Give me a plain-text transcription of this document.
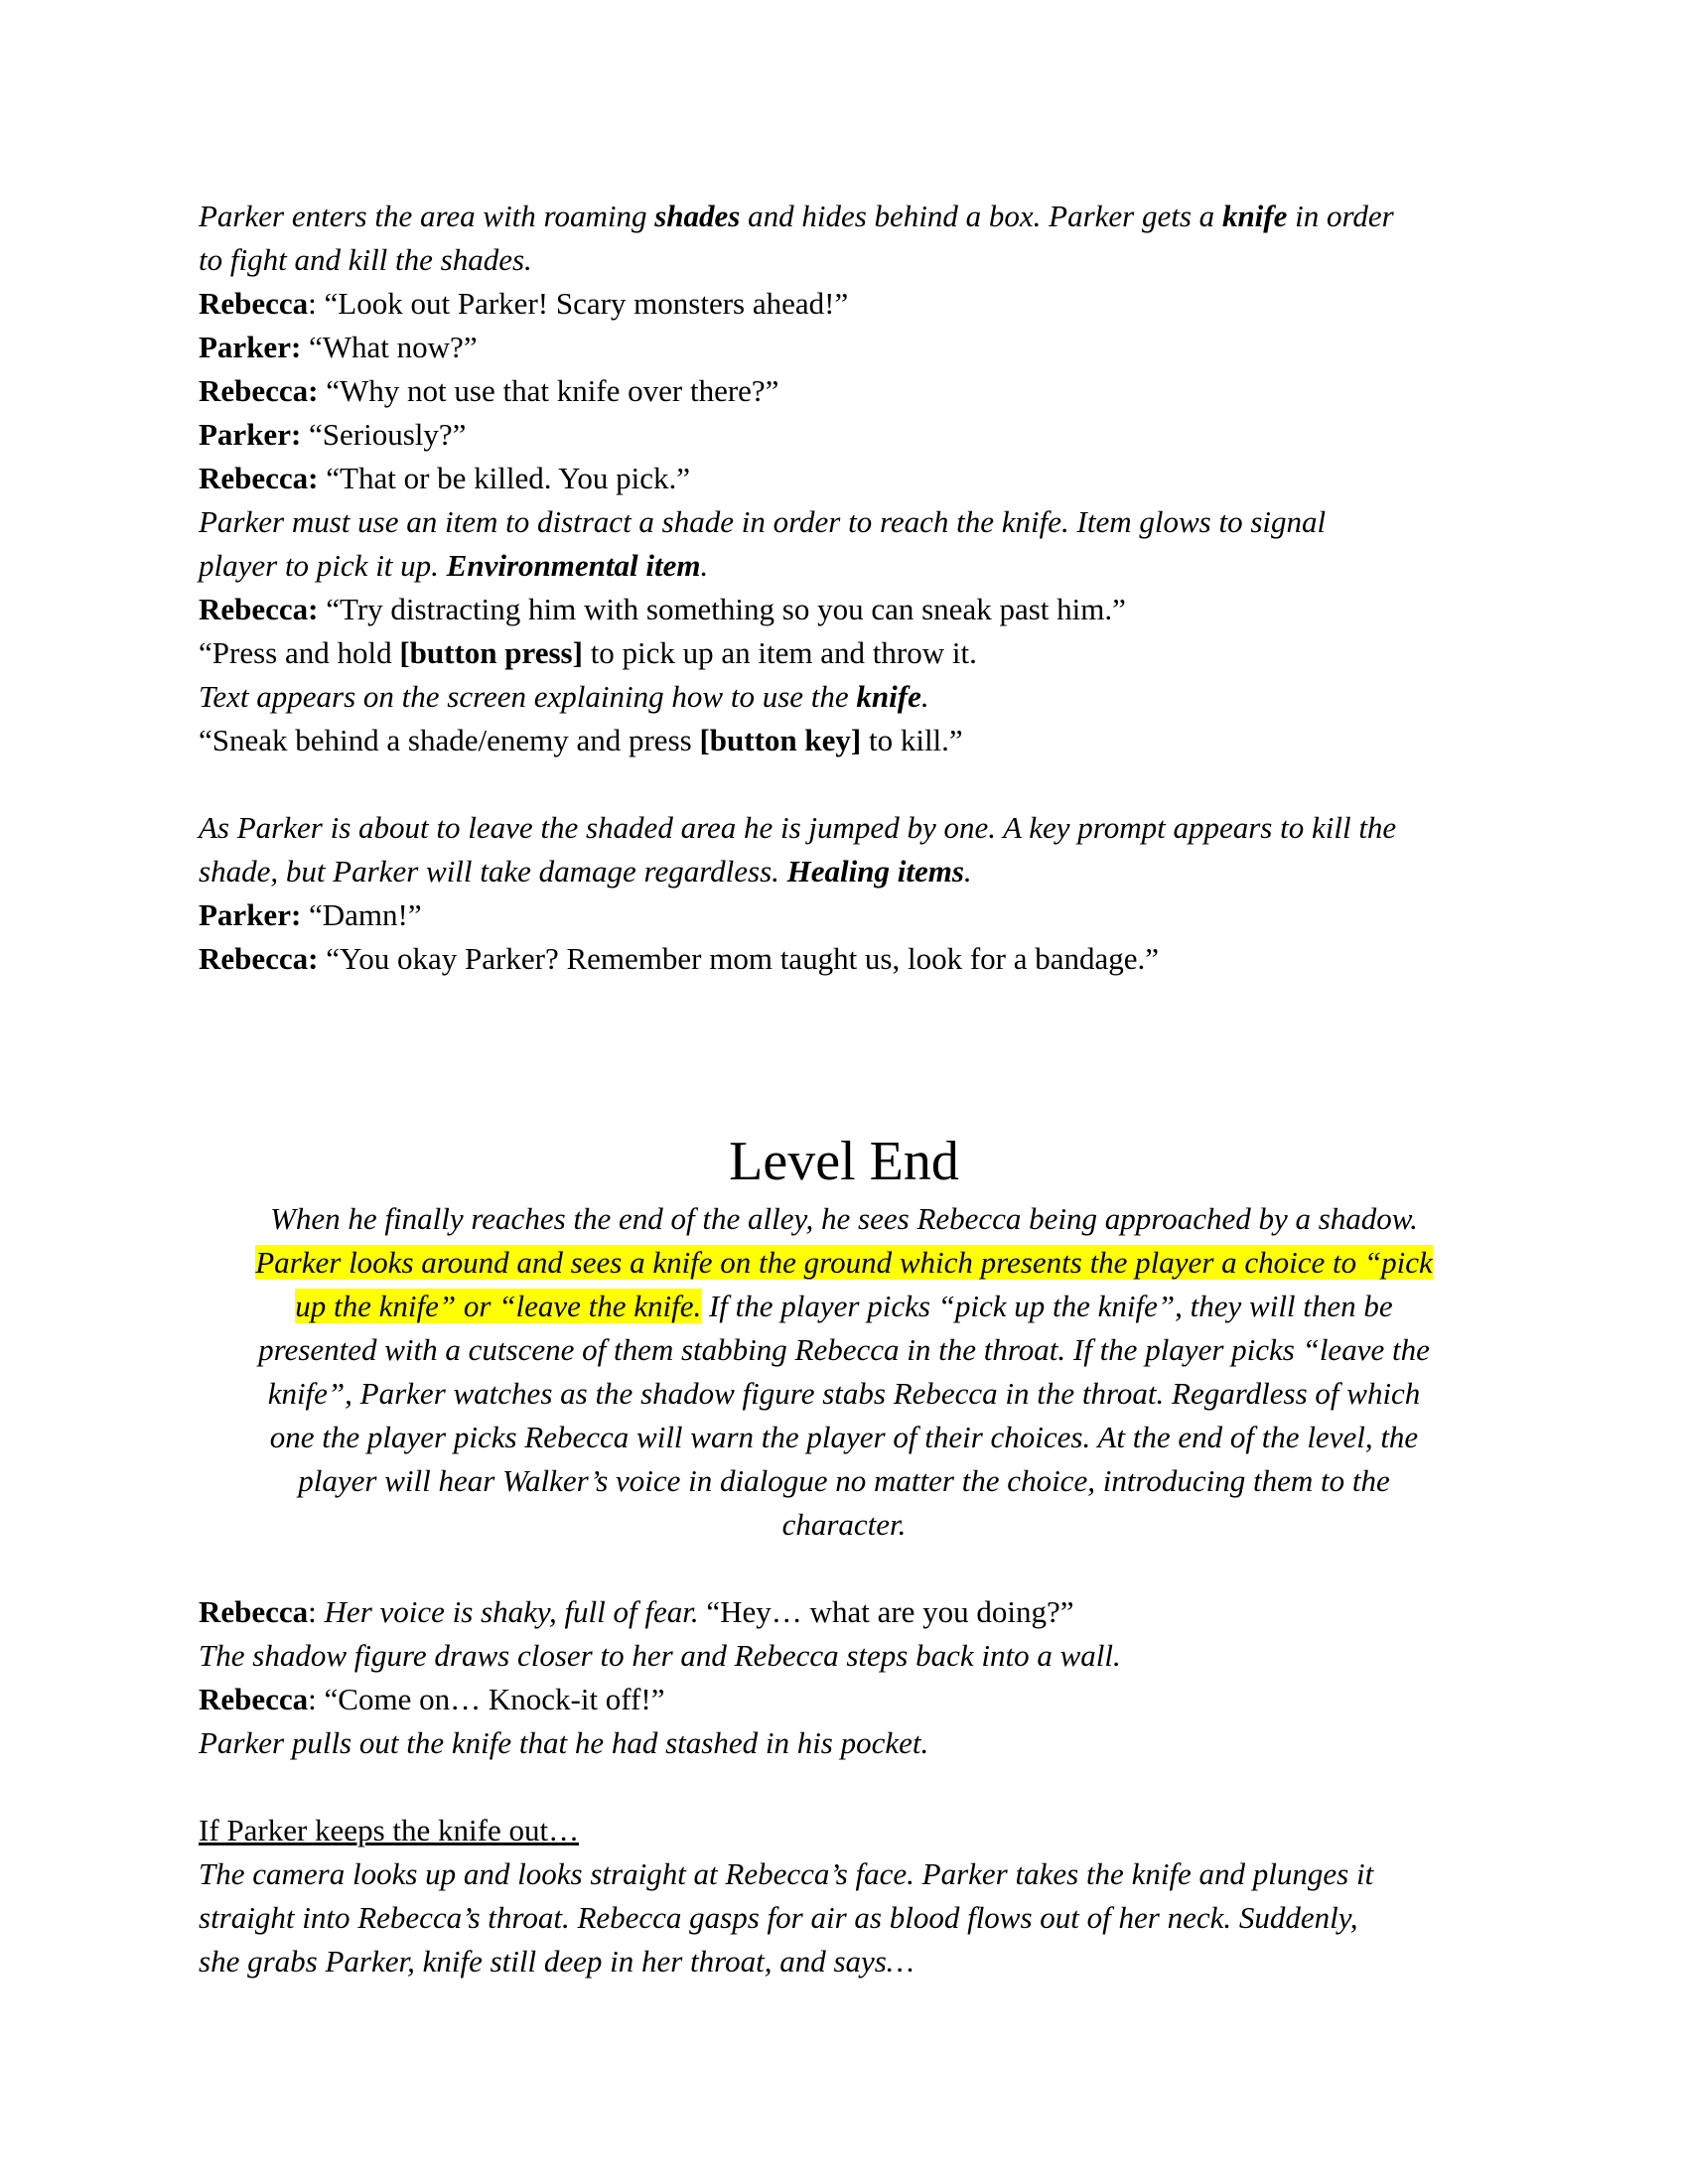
Parker enters the area with roaming shades and hides behind a box. Parker gets a knife in order
to fight and kill the shades.
Rebecca: “Look out Parker! Scary monsters ahead!”
Parker: “What now?”
Rebecca: “Why not use that knife over there?”
Parker: “Seriously?”
Rebecca: “That or be killed. You pick.”
Parker must use an item to distract a shade in order to reach the knife. Item glows to signal
player to pick it up. Environmental item.
Rebecca: “Try distracting him with something so you can sneak past him.”
“Press and hold [button press] to pick up an item and throw it.
Text appears on the screen explaining how to use the knife.
“Sneak behind a shade/enemy and press [button key] to kill.”
As Parker is about to leave the shaded area he is jumped by one. A key prompt appears to kill the
shade, but Parker will take damage regardless. Healing items.
Parker: “Damn!”
Rebecca: “You okay Parker? Remember mom taught us, look for a bandage.”
Level End
When he finally reaches the end of the alley, he sees Rebecca being approached by a shadow.
Parker looks around and sees a knife on the ground which presents the player a choice to “pick
up the knife” or “leave the knife. If the player picks “pick up the knife”, they will then be
presented with a cutscene of them stabbing Rebecca in the throat. If the player picks “leave the
knife”, Parker watches as the shadow figure stabs Rebecca in the throat. Regardless of which
one the player picks Rebecca will warn the player of their choices. At the end of the level, the
player will hear Walker’s voice in dialogue no matter the choice, introducing them to the
character.
Rebecca: Her voice is shaky, full of fear. “Hey… what are you doing?”
The shadow figure draws closer to her and Rebecca steps back into a wall.
Rebecca: “Come on… Knock-it off!”
Parker pulls out the knife that he had stashed in his pocket.
If Parker keeps the knife out…
The camera looks up and looks straight at Rebecca’s face. Parker takes the knife and plunges it
straight into Rebecca’s throat. Rebecca gasps for air as blood flows out of her neck. Suddenly,
she grabs Parker, knife still deep in her throat, and says…
